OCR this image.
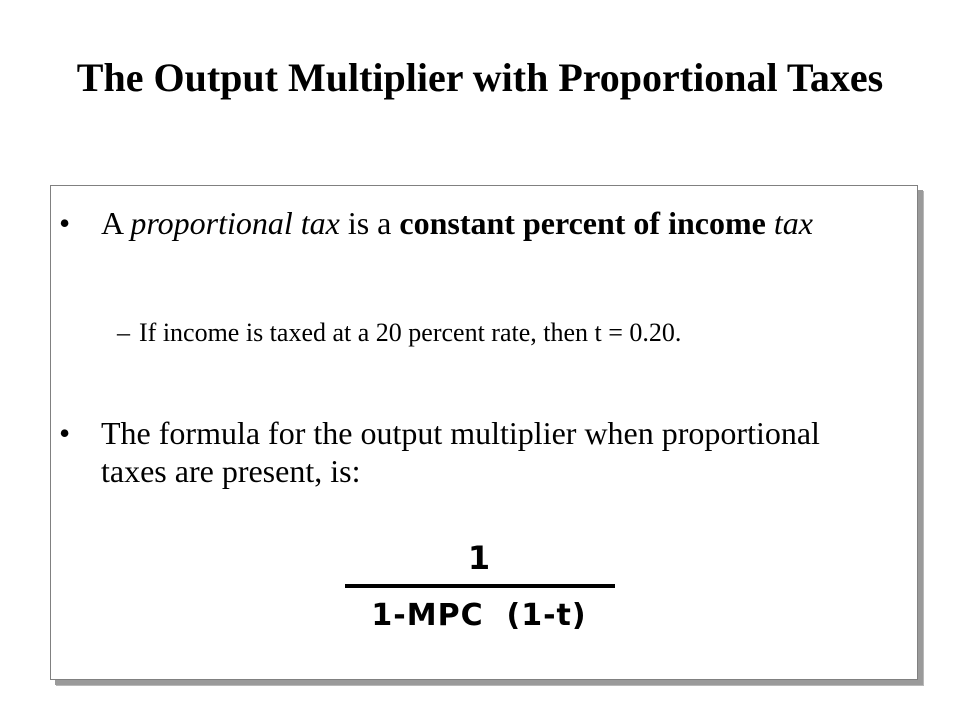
The Output Multiplier with Proportional Taxes
• A proportional tax is a constant percent of income tax
– If income is taxed at a 20 percent rate, then t = 0.20.
• The formula for the output multiplier when proportional taxes are present, is:
1
1-MPC  (1-t)
